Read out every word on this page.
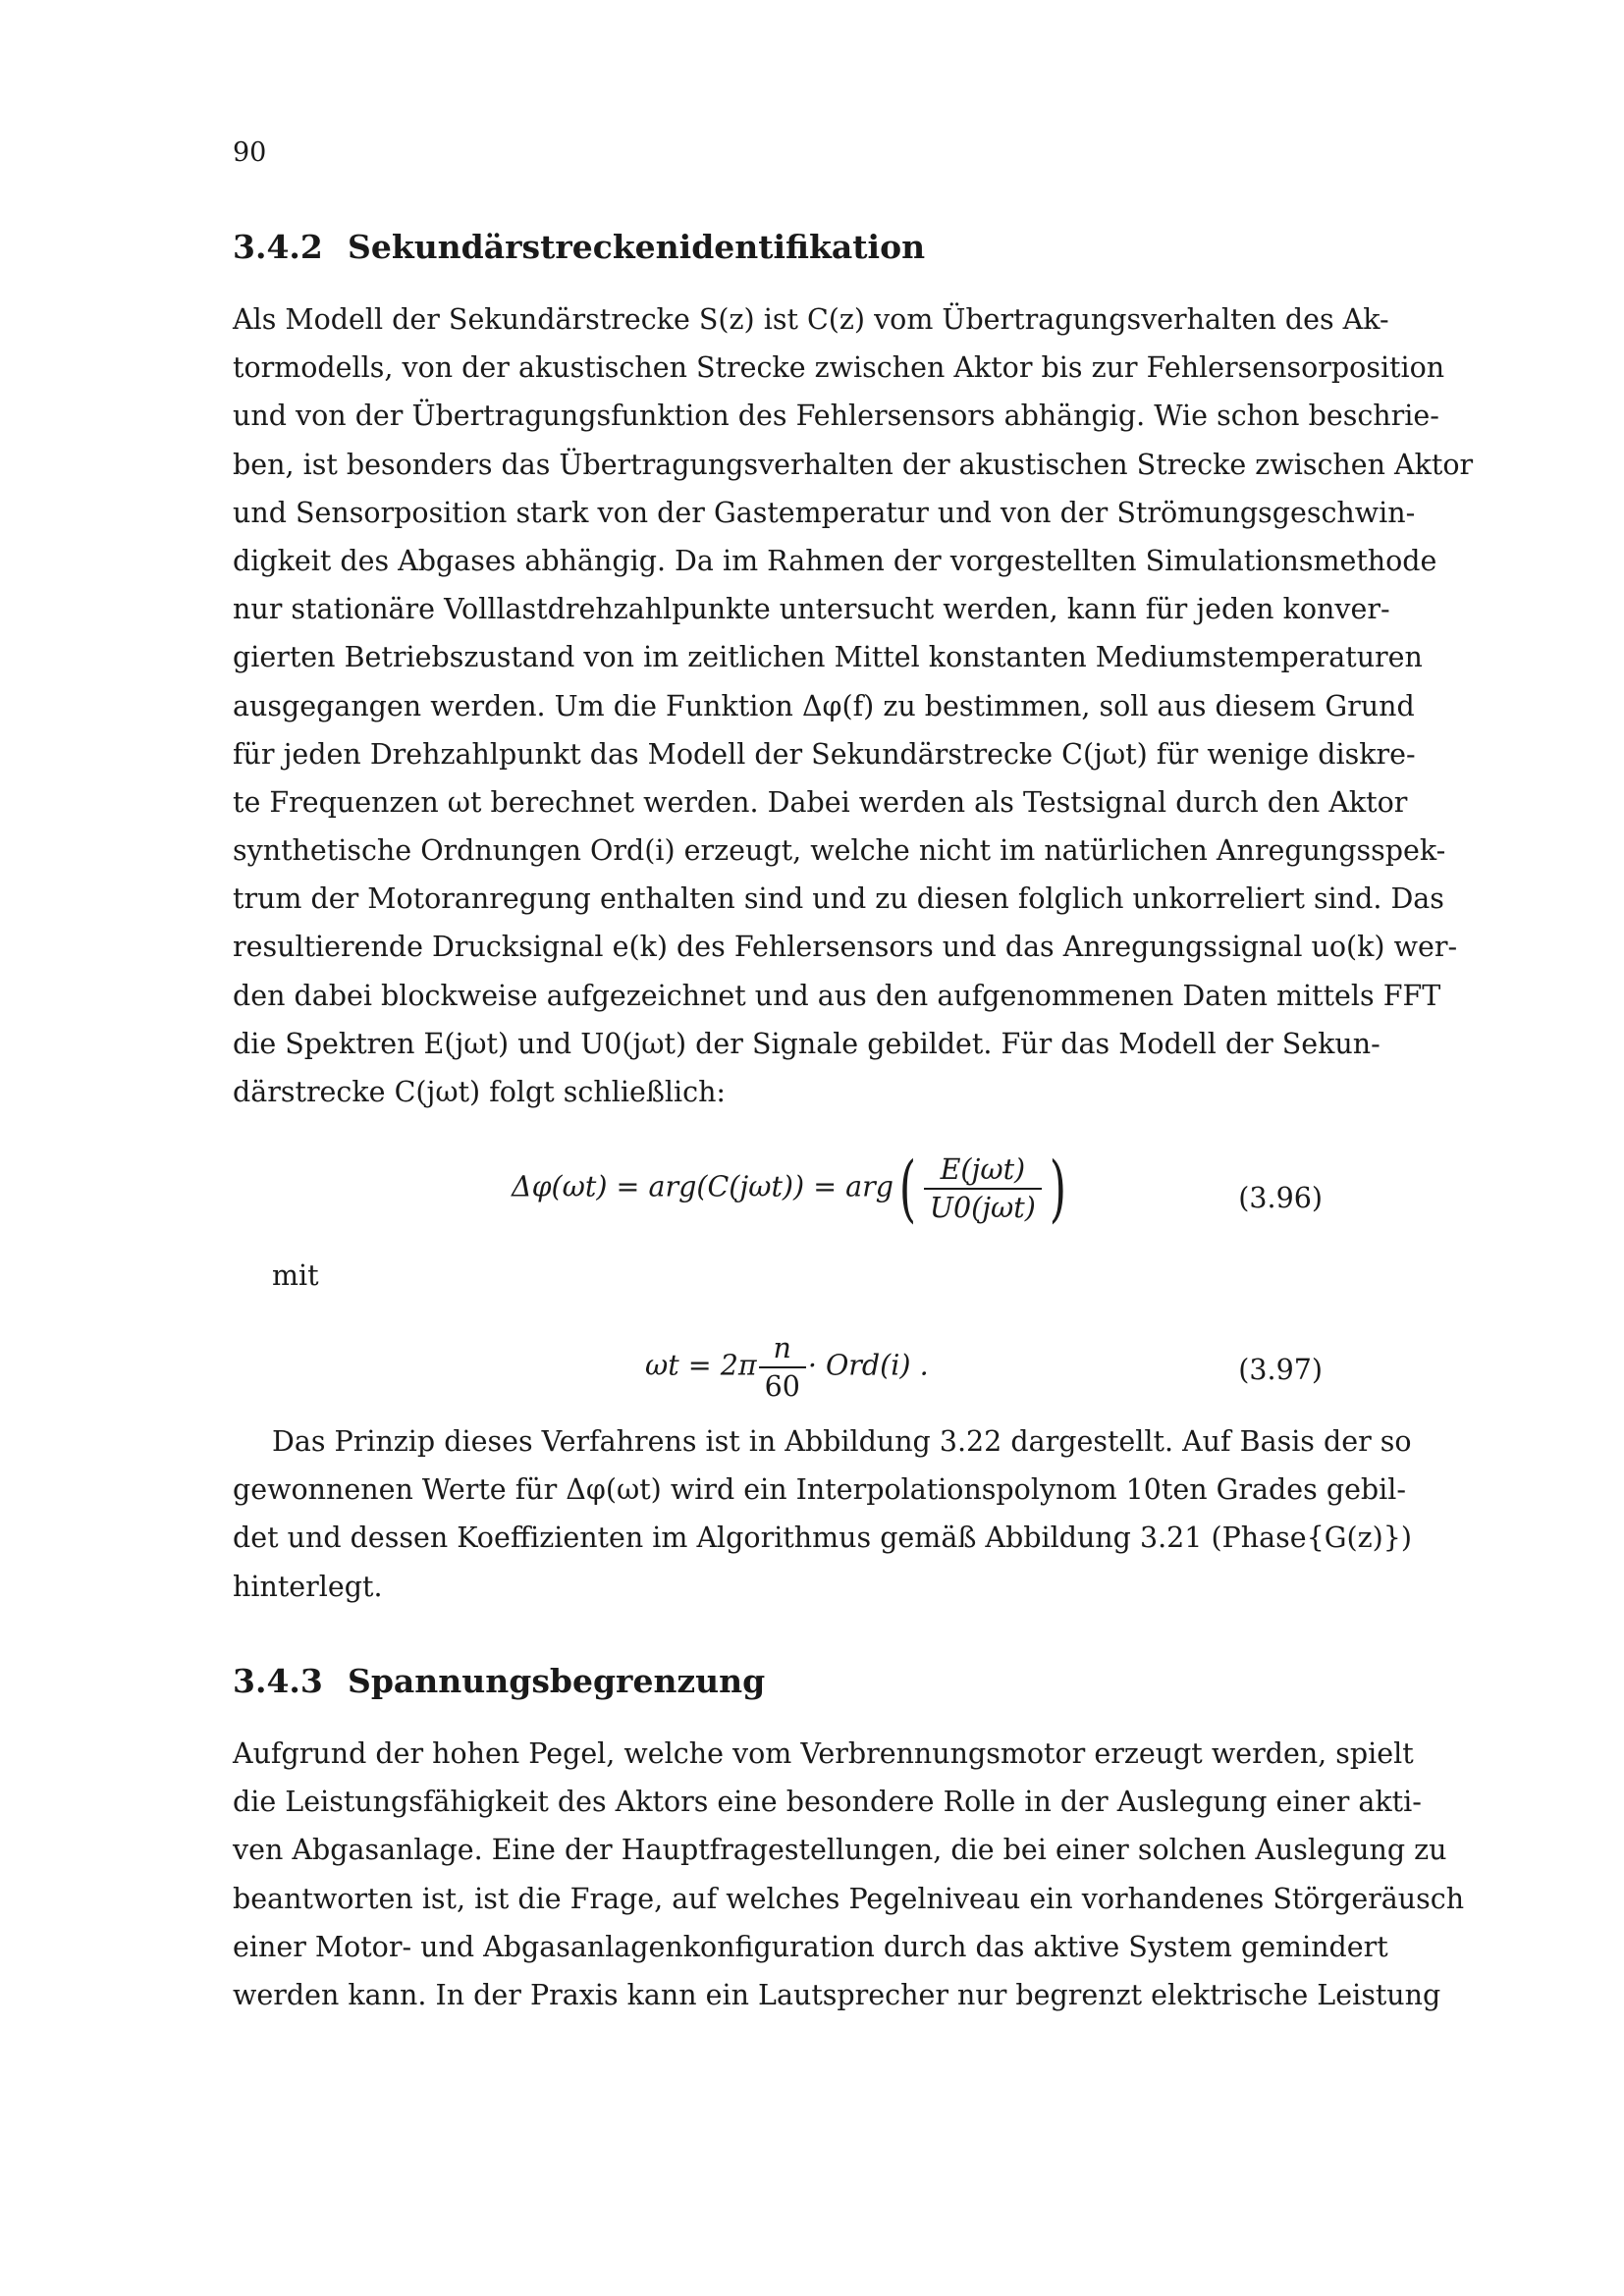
90
3.4.2 Sekundärstreckenidentifikation
Als Modell der Sekundärstrecke S(z) ist C(z) vom Übertragungsverhalten des Ak-
tormodells, von der akustischen Strecke zwischen Aktor bis zur Fehlersensorposition
und von der Übertragungsfunktion des Fehlersensors abhängig. Wie schon beschrie-
ben, ist besonders das Übertragungsverhalten der akustischen Strecke zwischen Aktor
und Sensorposition stark von der Gastemperatur und von der Strömungsgeschwin-
digkeit des Abgases abhängig. Da im Rahmen der vorgestellten Simulationsmethode
nur stationäre Volllastdrehzahlpunkte untersucht werden, kann für jeden konver-
gierten Betriebszustand von im zeitlichen Mittel konstanten Mediumstemperaturen
ausgegangen werden. Um die Funktion Δφ(f) zu bestimmen, soll aus diesem Grund
für jeden Drehzahlpunkt das Modell der Sekundärstrecke C(jωt) für wenige diskre-
te Frequenzen ωt berechnet werden. Dabei werden als Testsignal durch den Aktor
synthetische Ordnungen Ord(i) erzeugt, welche nicht im natürlichen Anregungsspek-
trum der Motoranregung enthalten sind und zu diesen folglich unkorreliert sind. Das
resultierende Drucksignal e(k) des Fehlersensors und das Anregungssignal uo(k) wer-
den dabei blockweise aufgezeichnet und aus den aufgenommenen Daten mittels FFT
die Spektren E(jωt) und U0(jωt) der Signale gebildet. Für das Modell der Sekun-
därstrecke C(jωt) folgt schließlich:
$\Delta\varphi(\omega t) = arg(C(j\omega t)) = arg( \frac{\text{E(jωt)}}{\text{U0(jωt)}}$ )	(3.96)
mit
$\omega t = 2\pi \frac{n}{60} \cdot Ord(i)$ .	(3.97)
Das Prinzip dieses Verfahrens ist in Abbildung 3.22 dargestellt. Auf Basis der so
gewonnenen Werte für Δφ(ωt) wird ein Interpolationspolynom 10ten Grades gebil-
det und dessen Koeffizienten im Algorithmus gemäß Abbildung 3.21 (Phase{G(z)})
hinterlegt.
3.4.3 Spannungsbegrenzung
Aufgrund der hohen Pegel, welche vom Verbrennungsmotor erzeugt werden, spielt
die Leistungsfähigkeit des Aktors eine besondere Rolle in der Auslegung einer akti-
ven Abgasanlage. Eine der Hauptfragestellungen, die bei einer solchen Auslegung zu
beantworten ist, ist die Frage, auf welches Pegelniveau ein vorhandenes Störgeräusch
einer Motor- und Abgasanlagenkonfiguration durch das aktive System gemindert
werden kann. In der Praxis kann ein Lautsprecher nur begrenzt elektrische Leistung
